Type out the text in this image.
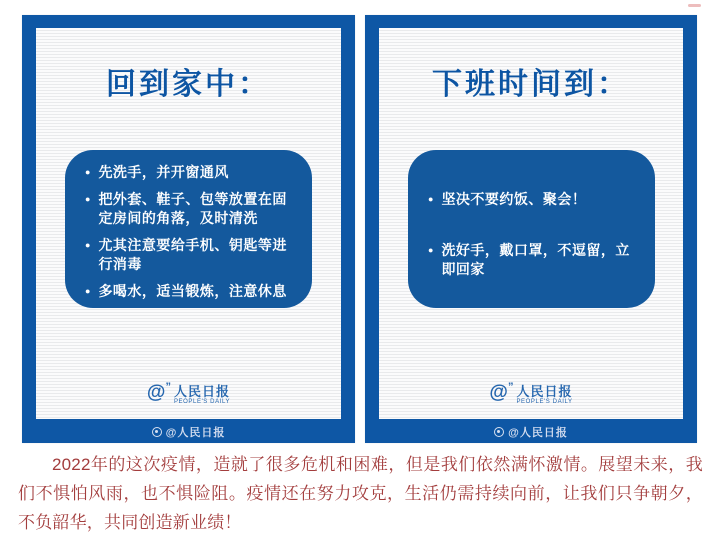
回到家中：
● 先洗手，并开窗通风
● 把外套、鞋子、包等放置在固定房间的角落，及时清洗
● 尤其注意要给手机、钥匙等进行消毒
● 多喝水，适当锻炼，注意休息
@ ” 人民日报
PEOPLE'S DAILY
@人民日报
下班时间到：
● 坚决不要约饭、聚会！
● 洗好手，戴口罩，不逗留，立即回家
@ ” 人民日报
PEOPLE'S DAILY
@人民日报

2022年的这次疫情，造就了很多危机和困难，但是我们依然满怀激情。展望未来，我们不惧怕风雨，也不惧险阻。疫情还在努力攻克，生活仍需持续向前，让我们只争朝夕，不负韶华，共同创造新业绩！
